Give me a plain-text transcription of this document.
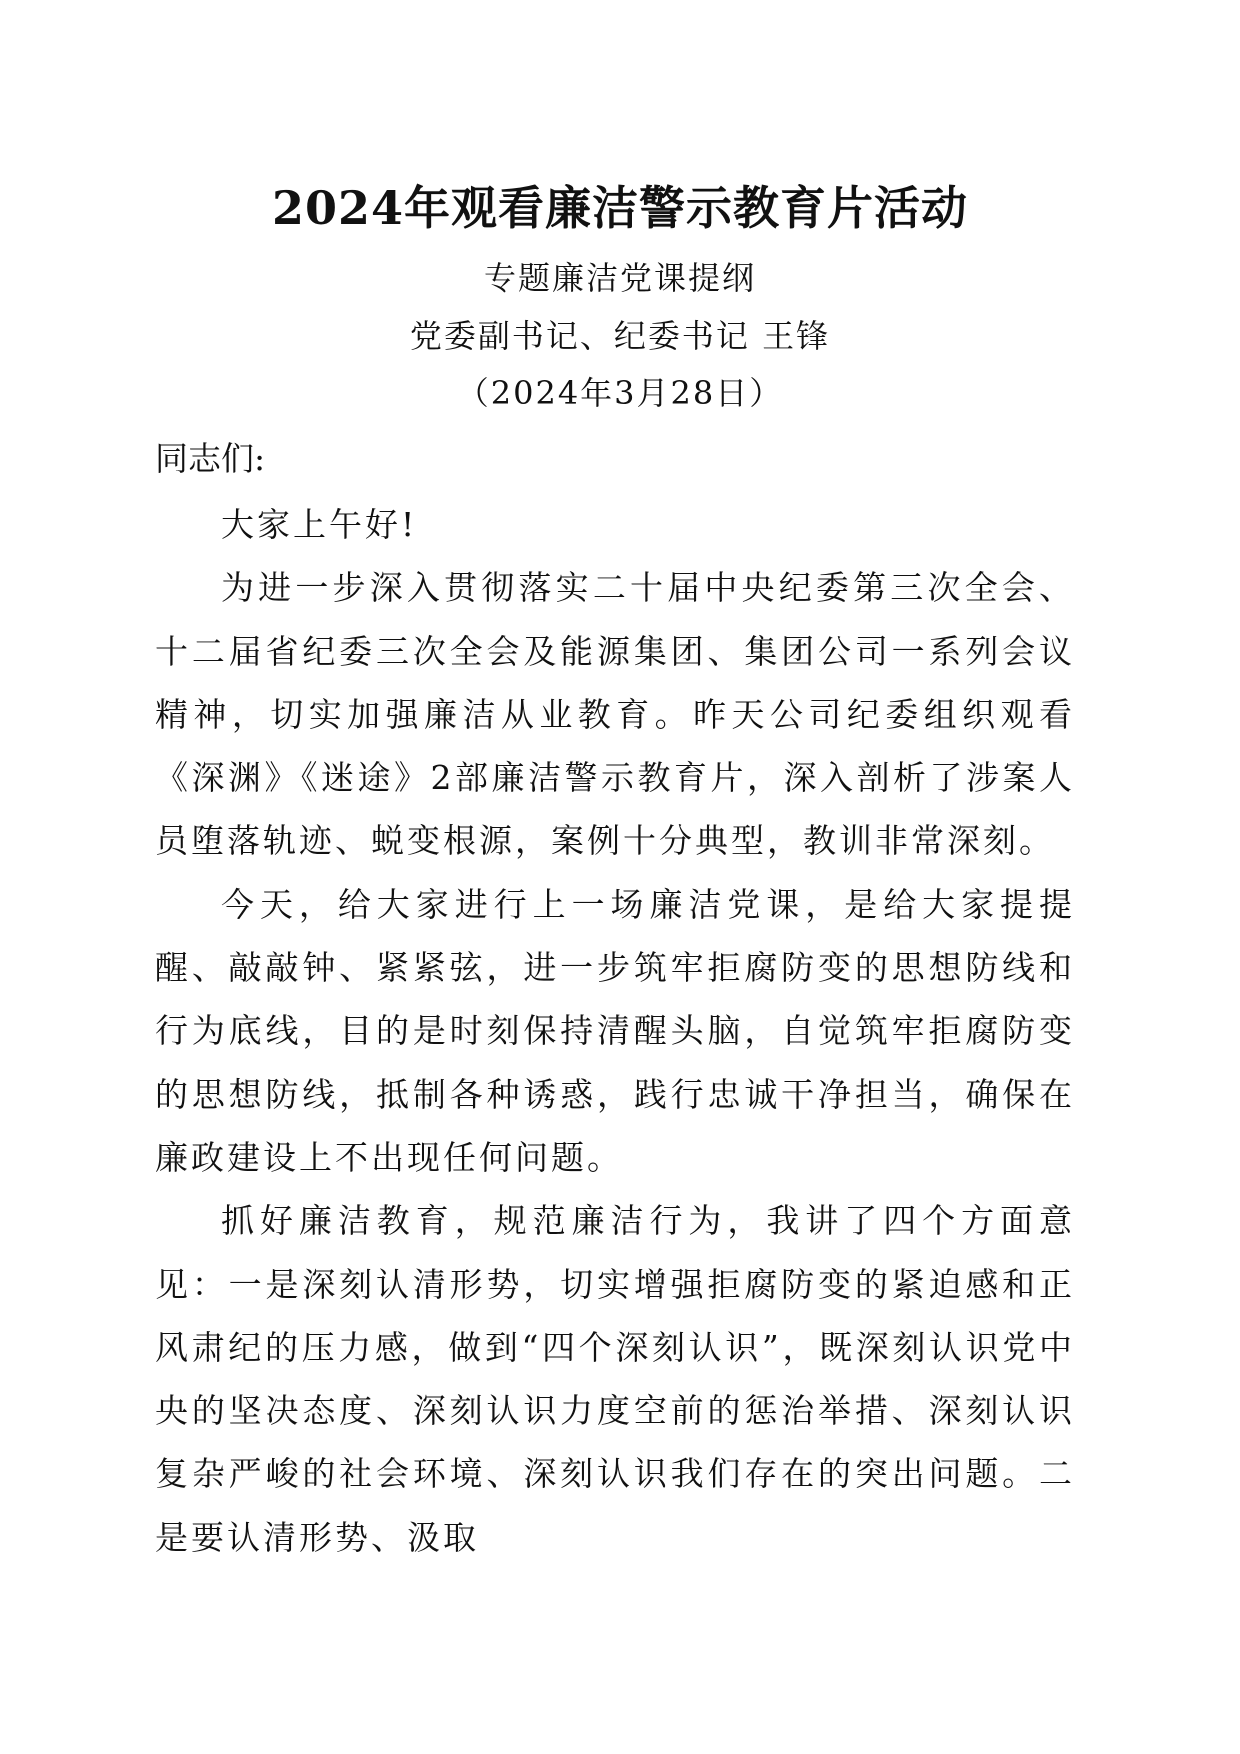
2024年观看廉洁警示教育片活动
专题廉洁党课提纲
党委副书记、纪委书记 王锋
（2024年3月28日）
同志们:

大家上午好!

为进一步深入贯彻落实二十届中央纪委第三次全会、十二届省纪委三次全会及能源集团、集团公司一系列会议精神，切实加强廉洁从业教育。昨天公司纪委组织观看《深渊》《迷途》2部廉洁警示教育片，深入剖析了涉案人员堕落轨迹、蜕变根源，案例十分典型，教训非常深刻。

今天，给大家进行上一场廉洁党课，是给大家提提醒、敲敲钟、紧紧弦，进一步筑牢拒腐防变的思想防线和行为底线，目的是时刻保持清醒头脑，自觉筑牢拒腐防变的思想防线，抵制各种诱惑，践行忠诚干净担当，确保在廉政建设上不出现任何问题。

抓好廉洁教育，规范廉洁行为，我讲了四个方面意见：一是深刻认清形势，切实增强拒腐防变的紧迫感和正风肃纪的压力感，做到“四个深刻认识”，既深刻认识党中央的坚决态度、深刻认识力度空前的惩治举措、深刻认识复杂严峻的社会环境、深刻认识我们存在的突出问题。二是要认清形势、汲取
